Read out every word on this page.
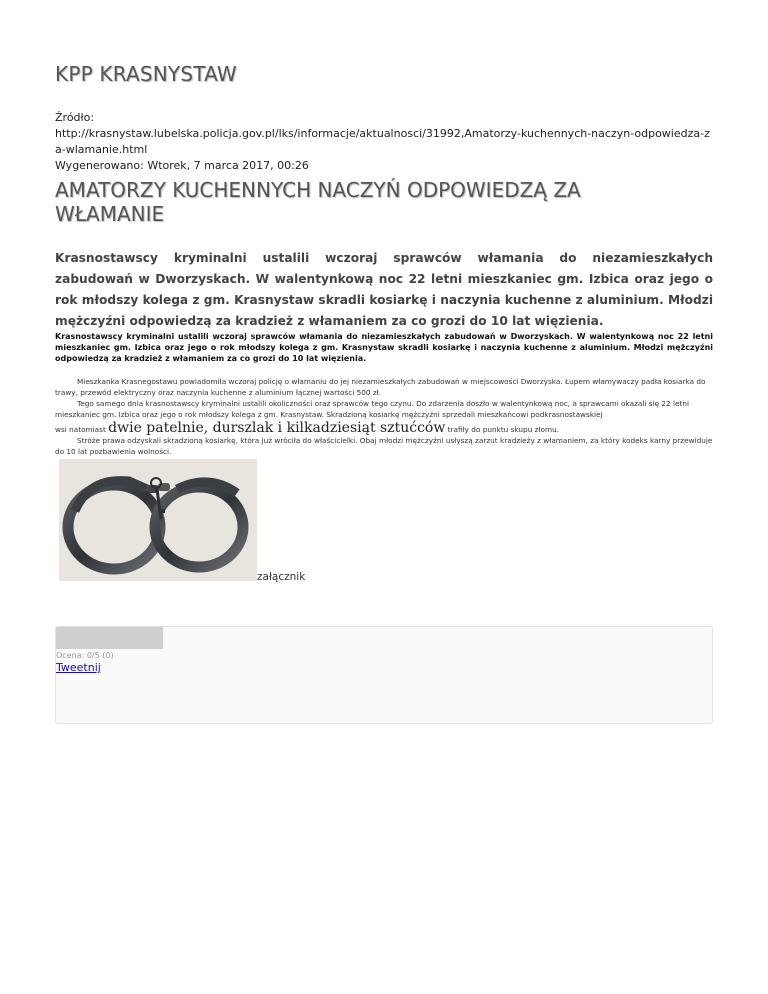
KPP KRASNYSTAW
Źródło:
http://krasnystaw.lubelska.policja.gov.pl/lks/informacje/aktualnosci/31992,Amatorzy-kuchennych-naczyn-odpowiedza-za-wlamanie.html
Wygenerowano: Wtorek, 7 marca 2017, 00:26
AMATORZY KUCHENNYCH NACZYŃ ODPOWIEDZĄ ZA WŁAMANIE
Krasnostawscy kryminalni ustalili wczoraj sprawców włamania do niezamieszkałych zabudowań w Dworzyskach. W walentynkową noc 22 letni mieszkaniec gm. Izbica oraz jego o rok młodszy kolega z gm. Krasnystaw skradli kosiarkę i naczynia kuchenne z aluminium. Młodzi mężczyźni odpowiedzą za kradzież z włamaniem za co grozi do 10 lat więzienia.
Krasnostawscy kryminalni ustalili wczoraj sprawców włamania do niezamieszkałych zabudowań w Dworzyskach. W walentynkową noc 22 letni mieszkaniec gm. Izbica oraz jego o rok młodszy kolega z gm. Krasnystaw skradli kosiarkę i naczynia kuchenne z aluminium. Młodzi mężczyźni odpowiedzą za kradzież z włamaniem za co grozi do 10 lat więzienia.

Mieszkanka Krasnegostawu powiadomiła wczoraj policję o włamaniu do jej niezamieszkałych zabudowań w miejscowości Dworzyska. Łupem włamywaczy padła kosiarka do trawy, przewód elektryczny oraz naczynia kuchenne z aluminium łącznej wartości 500 zł.

Tego samego dnia krasnostawscy kryminalni ustalili okoliczności oraz sprawców tego czynu. Do zdarzenia doszło w walentynkową noc, a sprawcami okazali się 22 letni mieszkaniec gm. Izbica oraz jego o rok młodszy kolega z gm. Krasnystaw. Skradzioną kosiarkę mężczyźni sprzedali mieszkańcowi podkrasnostawskiej

wsi natomiast dwie patelnie, durszlak i kilkadziesiąt sztućców trafiły do punktu skupu złomu.

Stróże prawa odzyskali skradzioną kosiarkę, która już wróciła do właścicielki. Obaj młodzi mężczyźni usłyszą zarzut kradzieży z włamaniem, za który kodeks karny przewiduje do 10 lat pozbawienia wolności.

załącznik
Ocena: 0/5 (0)
Tweetnij
